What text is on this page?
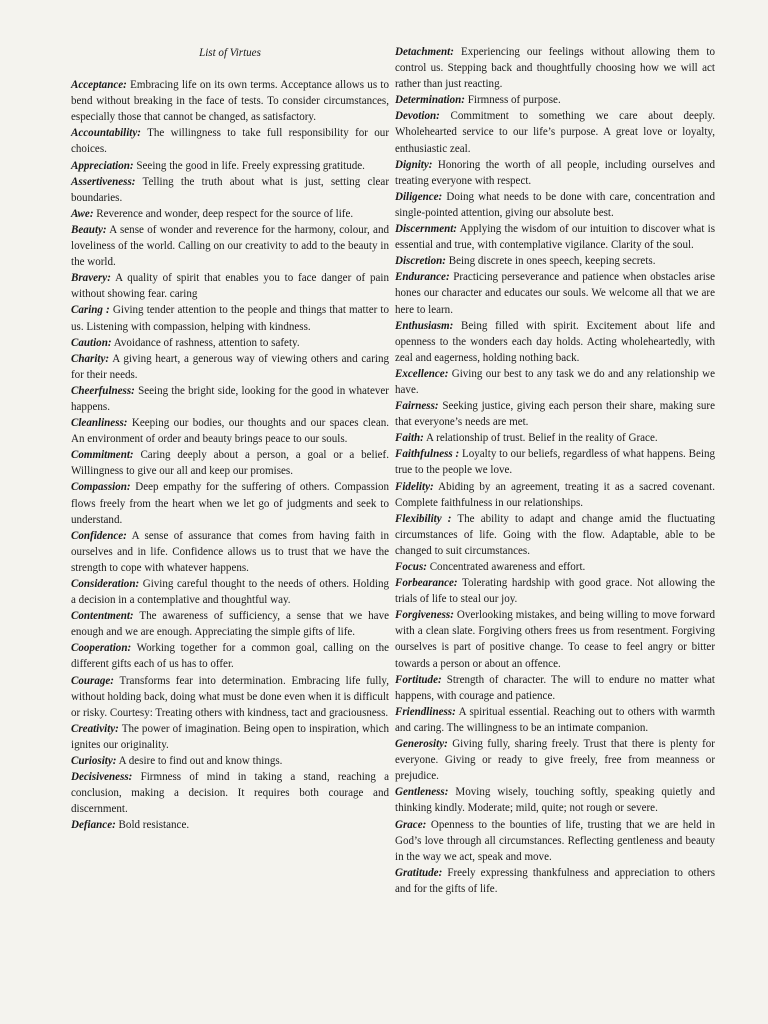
List of Virtues

Acceptance: Embracing life on its own terms. Acceptance allows us to bend without breaking in the face of tests. To consider circumstances, especially those that cannot be changed, as satisfactory.

Accountability: The willingness to take full responsibility for our choices.

Appreciation: Seeing the good in life. Freely expressing gratitude.

Assertiveness: Telling the truth about what is just, setting clear boundaries.

Awe: Reverence and wonder, deep respect for the source of life.

Beauty: A sense of wonder and reverence for the harmony, colour, and loveliness of the world. Calling on our creativity to add to the beauty in the world.

Bravery: A quality of spirit that enables you to face danger of pain without showing fear. caring

Caring : Giving tender attention to the people and things that matter to us. Listening with compassion, helping with kindness.

Caution: Avoidance of rashness, attention to safety.

Charity: A giving heart, a generous way of viewing others and caring for their needs.

Cheerfulness: Seeing the bright side, looking for the good in whatever happens.

Cleanliness: Keeping our bodies, our thoughts and our spaces clean. An environment of order and beauty brings peace to our souls.

Commitment: Caring deeply about a person, a goal or a belief. Willingness to give our all and keep our promises.

Compassion: Deep empathy for the suffering of others. Compassion flows freely from the heart when we let go of judgments and seek to understand.

Confidence: A sense of assurance that comes from having faith in ourselves and in life. Confidence allows us to trust that we have the strength to cope with whatever happens.

Consideration: Giving careful thought to the needs of others. Holding a decision in a contemplative and thoughtful way.

Contentment: The awareness of sufficiency, a sense that we have enough and we are enough. Appreciating the simple gifts of life.

Cooperation: Working together for a common goal, calling on the different gifts each of us has to offer.

Courage: Transforms fear into determination. Embracing life fully, without holding back, doing what must be done even when it is difficult or risky. Courtesy: Treating others with kindness, tact and graciousness.

Creativity: The power of imagination. Being open to inspiration, which ignites our originality.

Curiosity: A desire to find out and know things.

Decisiveness: Firmness of mind in taking a stand, reaching a conclusion, making a decision. It requires both courage and discernment.

Defiance: Bold resistance.

Detachment: Experiencing our feelings without allowing them to control us. Stepping back and thoughtfully choosing how we will act rather than just reacting.

Determination: Firmness of purpose.

Devotion: Commitment to something we care about deeply. Wholehearted service to our life’s purpose. A great love or loyalty, enthusiastic zeal.

Dignity: Honoring the worth of all people, including ourselves and treating everyone with respect.

Diligence: Doing what needs to be done with care, concentration and single-pointed attention, giving our absolute best.

Discernment: Applying the wisdom of our intuition to discover what is essential and true, with contemplative vigilance. Clarity of the soul.

Discretion: Being discrete in ones speech, keeping secrets.

Endurance: Practicing perseverance and patience when obstacles arise hones our character and educates our souls. We welcome all that we are here to learn.

Enthusiasm: Being filled with spirit. Excitement about life and openness to the wonders each day holds. Acting wholeheartedly, with zeal and eagerness, holding nothing back.

Excellence: Giving our best to any task we do and any relationship we have.

Fairness: Seeking justice, giving each person their share, making sure that everyone’s needs are met.

Faith: A relationship of trust. Belief in the reality of Grace.

Faithfulness : Loyalty to our beliefs, regardless of what happens. Being true to the people we love.

Fidelity: Abiding by an agreement, treating it as a sacred covenant. Complete faithfulness in our relationships.

Flexibility : The ability to adapt and change amid the fluctuating circumstances of life. Going with the flow. Adaptable, able to be changed to suit circumstances.

Focus: Concentrated awareness and effort.

Forbearance: Tolerating hardship with good grace. Not allowing the trials of life to steal our joy.

Forgiveness: Overlooking mistakes, and being willing to move forward with a clean slate. Forgiving others frees us from resentment. Forgiving ourselves is part of positive change. To cease to feel angry or bitter towards a person or about an offence.

Fortitude: Strength of character. The will to endure no matter what happens, with courage and patience.

Friendliness: A spiritual essential. Reaching out to others with warmth and caring. The willingness to be an intimate companion.

Generosity: Giving fully, sharing freely. Trust that there is plenty for everyone. Giving or ready to give freely, free from meanness or prejudice.

Gentleness: Moving wisely, touching softly, speaking quietly and thinking kindly. Moderate; mild, quite; not rough or severe.

Grace: Openness to the bounties of life, trusting that we are held in God’s love through all circumstances. Reflecting gentleness and beauty in the way we act, speak and move.

Gratitude: Freely expressing thankfulness and appreciation to others and for the gifts of life.
